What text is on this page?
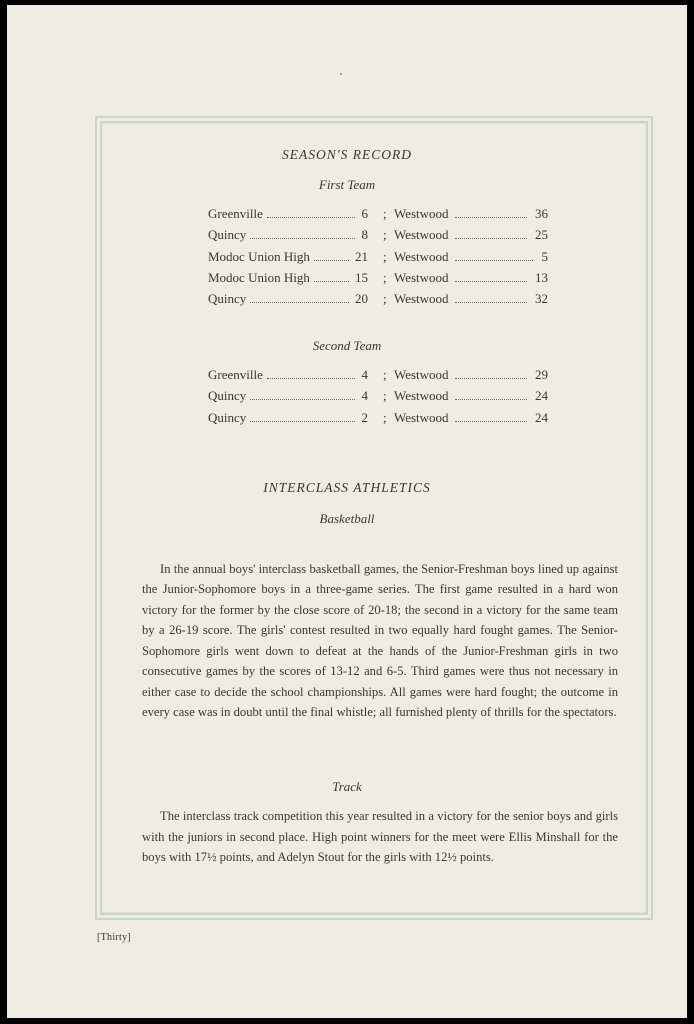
SEASON'S RECORD
First Team
Greenville	6 Westwood	36
;
Quincy	8 Westwood	25
;
Modoc Union High	21 Westwood	5
;
Modoc Union High	15 Westwood	13
;
Quincy	20 Westwood	32
;
Second Team
Greenville	4 Westwood	29
;
Quincy	4 Westwood	24
;
Quincy	2 Westwood	24
;
INTERCLASS ATHLETICS
Basketball

In the annual boys' interclass basketball games, the Senior-Freshman boys lined up against the Junior-Sophomore boys in a three-game series. The first game resulted in a hard won victory for the former by the close score of 20-18; the second in a victory for the same team by a 26-19 score. The girls' contest resulted in two equally hard fought games. The Senior-Sophomore girls went down to defeat at the hands of the Junior-Freshman girls in two consecutive games by the scores of 13-12 and 6-5. Third games were thus not necessary in either case to decide the school championships. All games were hard fought; the outcome in every case was in doubt until the final whistle; all furnished plenty of thrills for the spectators.

Track
The interclass track competition this year resulted in a victory for the senior boys and girls with the juniors in second place. High point winners for the meet were Ellis Minshall for the boys with 17½ points, and Adelyn Stout for the girls with 12½ points.
[Thirty]
